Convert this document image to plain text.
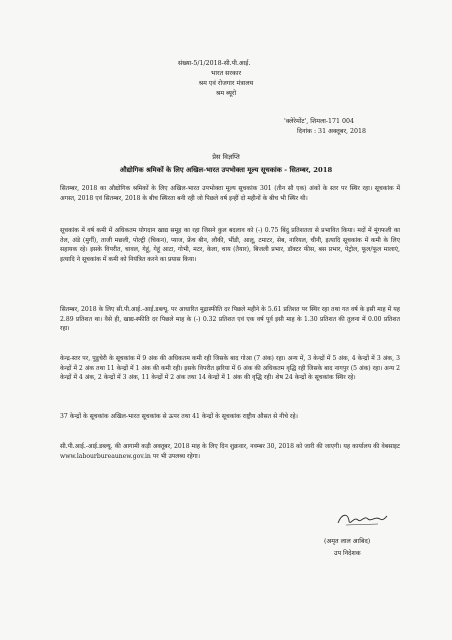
संख्या-5/1/2018-सी.पी.आई.
भारत सरकार
श्रम एवं रोजगार मंत्रालय
श्रम ब्यूरो
'क्लेरेमोंट', शिमला-171 004
दिनांक : 31 अक्तूबर, 2018
प्रेस विज्ञप्ति
औद्योगिक श्रमिकों के लिए अखिल-भारत उपभोक्ता मूल्य सूचकांक - सितम्बर, 2018

सितम्बर, 2018 का औद्योगिक श्रमिकों के लिए अखिल-भारत उपभोक्ता मूल्य सूचकांक 301 (तीन सौ एक) अंकों के स्तर पर स्थिर रहा। सूचकांक में अगस्त, 2018 एवं सितम्बर, 2018 के बीच स्थिरता बनी रही जो पिछले वर्ष इन्हीं दो महीनों के बीच भी स्थिर थी।

सूचकांक में वर्ष कमी में अधिकतम योगदान खाद्य समूह का रहा जिसने कुल बदलाव को (-) 0.75 बिंदु प्रतिशतता से प्रभावित किया। मदों में मूंगफली का तेल, अंडे (मुर्गी), ताजी मछली, पोल्ट्री (चिकन), प्याज, फ्रेंच बीन, लौकी, भींडी, आलू, टमाटर, सेब, नारियल, चीनी, इत्यादि सूचकांक में कमी के लिए सहायक रहे। इसके विपरीत, चावल, गेहूं, गेहूं आटा, गोभी, मटर, केला, चाय (तैयार), बिजली प्रभार, डॉक्टर फीस, बस प्रभार, पेट्रोल, फूल/फूल मालाएं, इत्यादि ने सूचकांक में कमी को नियंत्रित करने का प्रयास किया।

सितम्बर, 2018 के लिए सी.पी.आई.-आई.डब्ल्यू. पर आधारित मुद्रास्फीति दर पिछले महीने के 5.61 प्रतिशत पर स्थिर रहा तथा गत वर्ष के इसी माह में यह 2.89 प्रतिशत था। वैसे ही, खाद्य-स्फीति दर पिछले माह के (-) 0.32 प्रतिशत एवं एक वर्ष पूर्व इसी माह के 1.30 प्रतिशत की तुलना में 0.00 प्रतिशत रहा।

केन्द्र-स्तर पर, पुडुचेरी के सूचकांक में 9 अंक की अधिकतम कमी रही जिसके बाद गोआ (7 अंक) रहा। अन्य में, 3 केन्द्रों में 5 अंक, 4 केन्द्रों में 3 अंक, 3 केन्द्रों में 2 अंक तथा 11 केन्द्रों में 1 अंक की कमी रही। इसके विपरीत झरिया में 6 अंक की अधिकतम वृद्धि रही जिसके बाद नागपुर (5 अंक) रहा। अन्य 2 केन्द्रों में 4 अंक, 2 केन्द्रों में 3 अंक, 11 केन्द्रों में 2 अंक तथा 14 केन्द्रों में 1 अंक की वृद्धि रही। शेष 24 केन्द्रों के सूचकांक स्थिर रहे।

37 केन्द्रों के सूचकांक अखिल-भारत सूचकांक से ऊपर तथा 41 केन्द्रों के सूचकांक राष्ट्रीय औसत से नीचे रहे।

सी.पी.आई.-आई.डब्ल्यू. की आगामी कड़ी अक्तूबर, 2018 माह के लिए दिन शुक्रवार, नवम्बर 30, 2018 को जारी की जाएगी। यह कार्यालय की वेबसाइट www.labourbureaunew.gov.in पर भी उपलब्ध रहेगा।

(अमृत लाल आबिद)
उप निदेशक
